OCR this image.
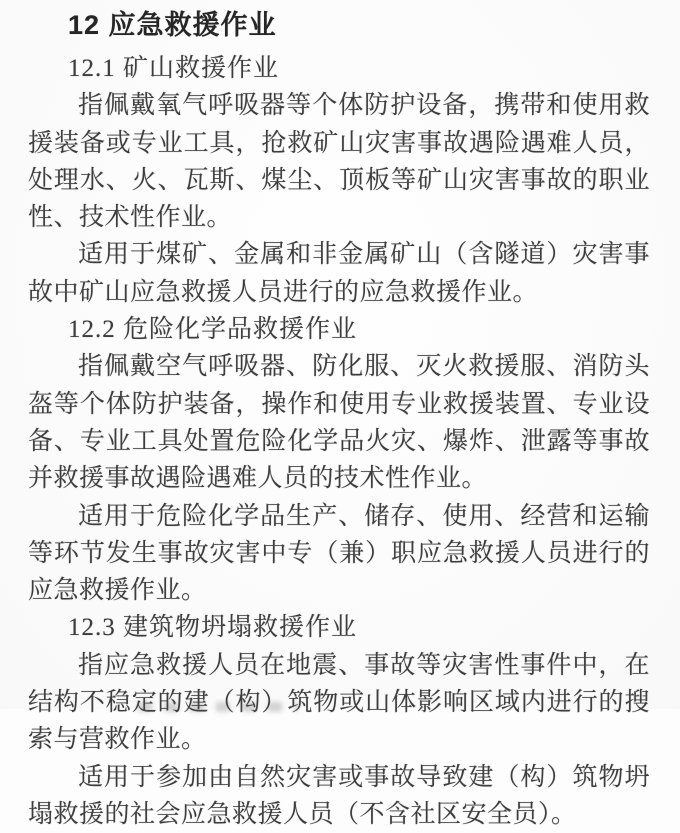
12 应急救援作业
12.1 矿山救援作业

指佩戴氧气呼吸器等个体防护设备，携带和使用救援装备或专业工具，抢救矿山灾害事故遇险遇难人员，处理水、火、瓦斯、煤尘、顶板等矿山灾害事故的职业性、技术性作业。

适用于煤矿、金属和非金属矿山（含隧道）灾害事故中矿山应急救援人员进行的应急救援作业。

12.2 危险化学品救援作业

指佩戴空气呼吸器、防化服、灭火救援服、消防头盔等个体防护装备，操作和使用专业救援装置、专业设备、专业工具处置危险化学品火灾、爆炸、泄露等事故并救援事故遇险遇难人员的技术性作业。

适用于危险化学品生产、储存、使用、经营和运输等环节发生事故灾害中专（兼）职应急救援人员进行的应急救援作业。

12.3 建筑物坍塌救援作业

指应急救援人员在地震、事故等灾害性事件中，在结构不稳定的建（构）筑物或山体影响区域内进行的搜索与营救作业。

适用于参加由自然灾害或事故导致建（构）筑物坍塌救援的社会应急救援人员（不含社区安全员）。
